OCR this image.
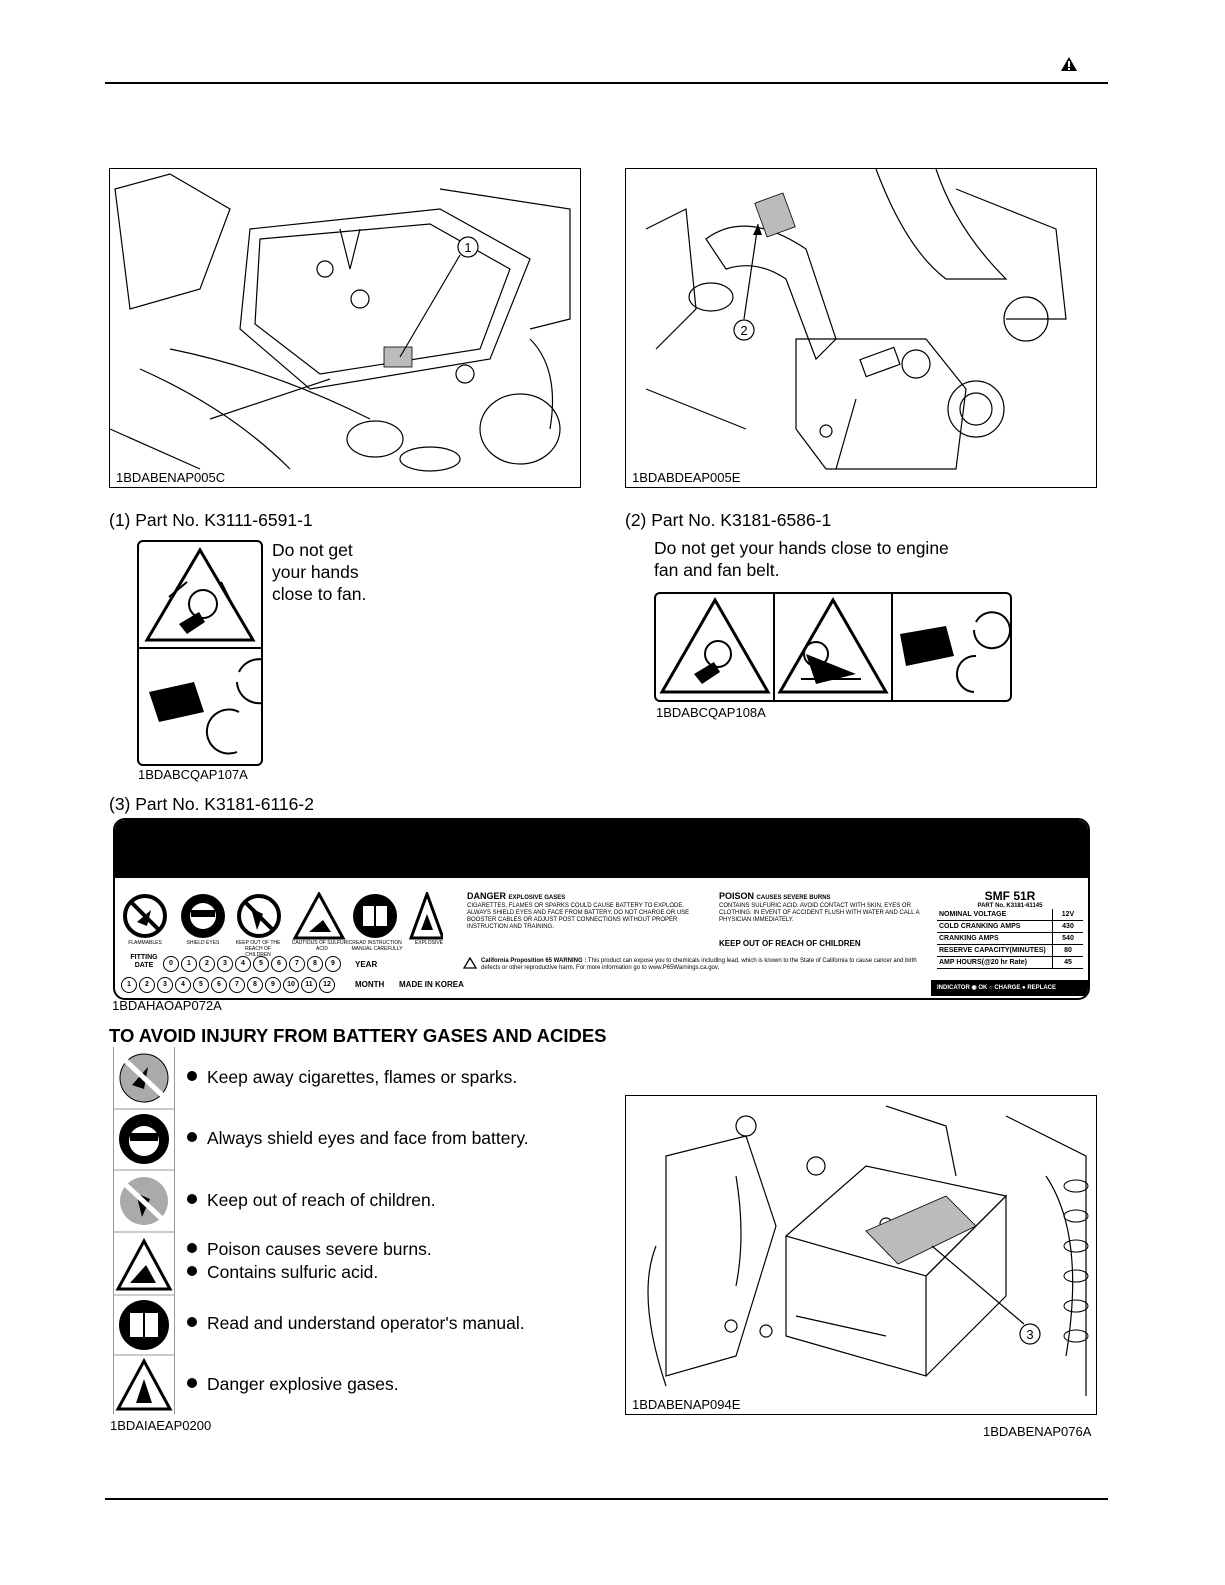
1
1BDABENAP005C
2
1BDABDEAP005E
(1) Part No. K3111-6591-1
Do not get
your hands
close to fan.
1BDABCQAP107A
(2) Part No. K3181-6586-1
Do not get your hands close to engine
fan and fan belt.
1BDABCQAP108A
(3) Part No. K3181-6116-2
FLAMMABLES	SHIELD EYES	KEEP OUT OF THE REACH OF CHILDREN
CAUTIOUS OF SULFURIC ACID
READ INSTRUCTION MANUAL CAREFULLY
EXPLOSIVE
FITTING DATE	0 1 2 3 4 5 6 7 8 9
1 2 3 4 5 6 7 8 9 10 11 12
YEAR
MONTH MADE IN KOREA
DANGER EXPLOSIVE GASES
CIGARETTES, FLAMES OR SPARKS COULD CAUSE BATTERY TO EXPLODE. ALWAYS SHIELD EYES AND FACE FROM BATTERY. DO NOT CHARGE OR USE BOOSTER CABLES OR ADJUST POST CONNECTIONS WITHOUT PROPER INSTRUCTION AND TRAINING.
POISON CAUSES SEVERE BURNS
CONTAINS SULFURIC ACID. AVOID CONTACT WITH SKIN, EYES OR CLOTHING. IN EVENT OF ACCIDENT FLUSH WITH WATER AND CALL A PHYSICIAN IMMEDIATELY.
KEEP OUT OF REACH OF CHILDREN
California Proposition 65 WARNING : This product can expose you to chemicals including lead, which is known to the State of California to cause cancer and birth defects or other reproductive harm. For more information go to www.P65Warnings.ca.gov.
SMF 51R
PART No. K3181-61145
NOMINAL VOLTAGE	12V
COLD CRANKING AMPS	430
CRANKING AMPS	540
RESERVE CAPACITY(MINUTES)	80
AMP HOURS(@20 hr Rate)	45
INDICATOR ◉ OK ○ CHARGE ● REPLACE
1BDAHAOAP072A
TO AVOID INJURY FROM BATTERY GASES AND ACIDES
Keep away cigarettes, flames or sparks.
Always shield eyes and face from battery.
Keep out of reach of children.
Poison causes severe burns.
Contains sulfuric acid.
Read and understand operator's manual.
Danger explosive gases.
1BDAIAEAP0200
3
1BDABENAP094E
1BDABENAP076A
